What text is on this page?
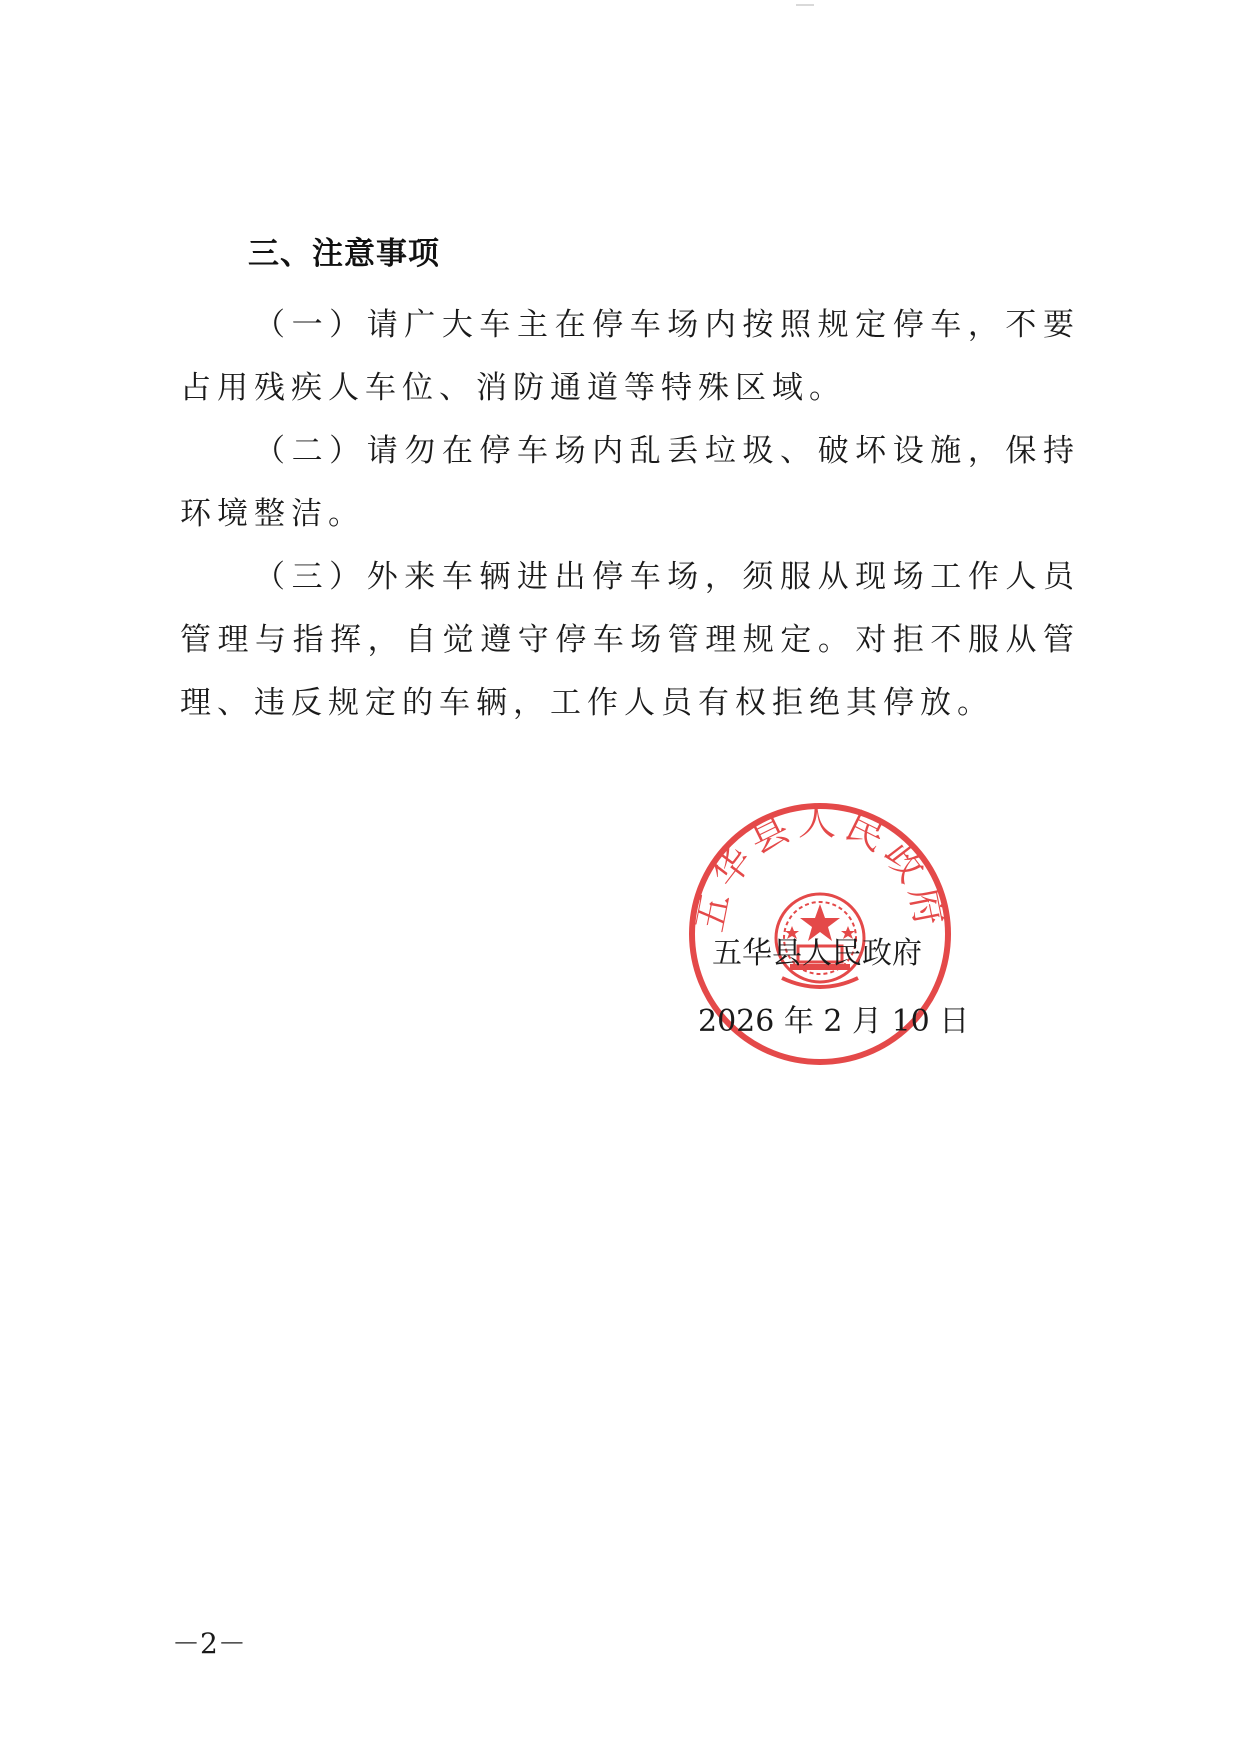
三、注意事项

（一）请广大车主在停车场内按照规定停车，不要占用残疾人车位、消防通道等特殊区域。

（二）请勿在停车场内乱丢垃圾、破坏设施，保持环境整洁。

（三）外来车辆进出停车场，须服从现场工作人员管理与指挥，自觉遵守停车场管理规定。对拒不服从管理、违反规定的车辆，工作人员有权拒绝其停放。

五华县人民政府
五华县人民政府
2026 年 2 月 10 日
－2－
